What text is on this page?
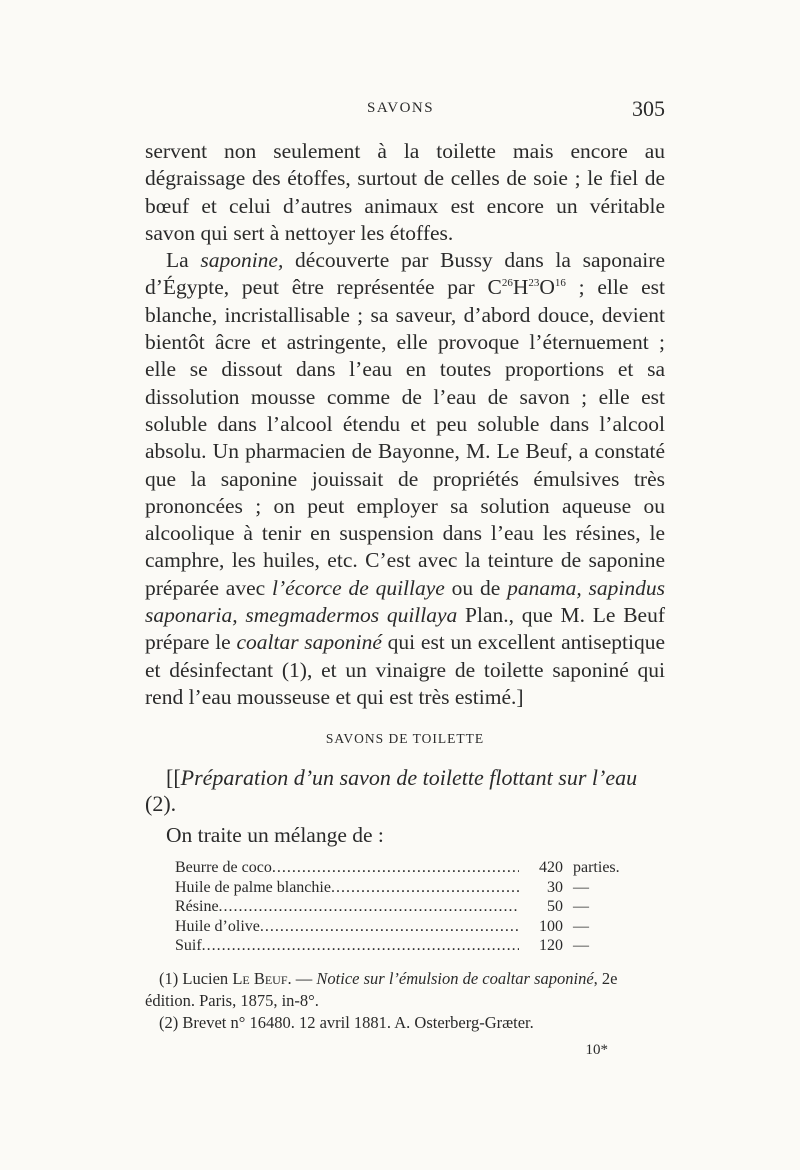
SAVONS	305

servent non seulement à la toilette mais encore au dégraissage des étoffes, surtout de celles de soie ; le fiel de bœuf et celui d’autres animaux est encore un véritable savon qui sert à nettoyer les étoffes.

La saponine, découverte par Bussy dans la saponaire d’Égypte, peut être représentée par $C^{26}H^{23}O^{16}$ ; elle est blanche, incristallisable ; sa saveur, d’abord douce, devient bientôt âcre et astringente, elle provoque l’éternuement ; elle se dissout dans l’eau en toutes proportions et sa dissolution mousse comme de l’eau de savon ; elle est soluble dans l’alcool étendu et peu soluble dans l’alcool absolu. Un pharmacien de Bayonne, M. Le Beuf, a constaté que la saponine jouissait de propriétés émulsives très prononcées ; on peut employer sa solution aqueuse ou alcoolique à tenir en suspension dans l’eau les résines, le camphre, les huiles, etc. C’est avec la teinture de saponine préparée avec l’écorce de quillaye ou de panama, sapindus saponaria, smegmadermos quillaya Plan., que M. Le Beuf prépare le coaltar saponiné qui est un excellent antiseptique et désinfectant (1), et un vinaigre de toilette saponiné qui rend l’eau mousseuse et qui est très estimé.]

SAVONS DE TOILETTE

[[Préparation d’un savon de toilette flottant sur l’eau (2).

On traite un mélange de :
Beurre de coco .....	420 parties.
Huile de palme blanchie .....	30 —
Résine .....	50 —
Huile d’olive .....	100 —
Suif .....	120 —

(1) Lucien Le Beuf. — Notice sur l’émulsion de coaltar saponiné, 2e édition. Paris, 1875, in-8°.

(2) Brevet n° 16480. 12 avril 1881. A. Osterberg-Græter.

10*
